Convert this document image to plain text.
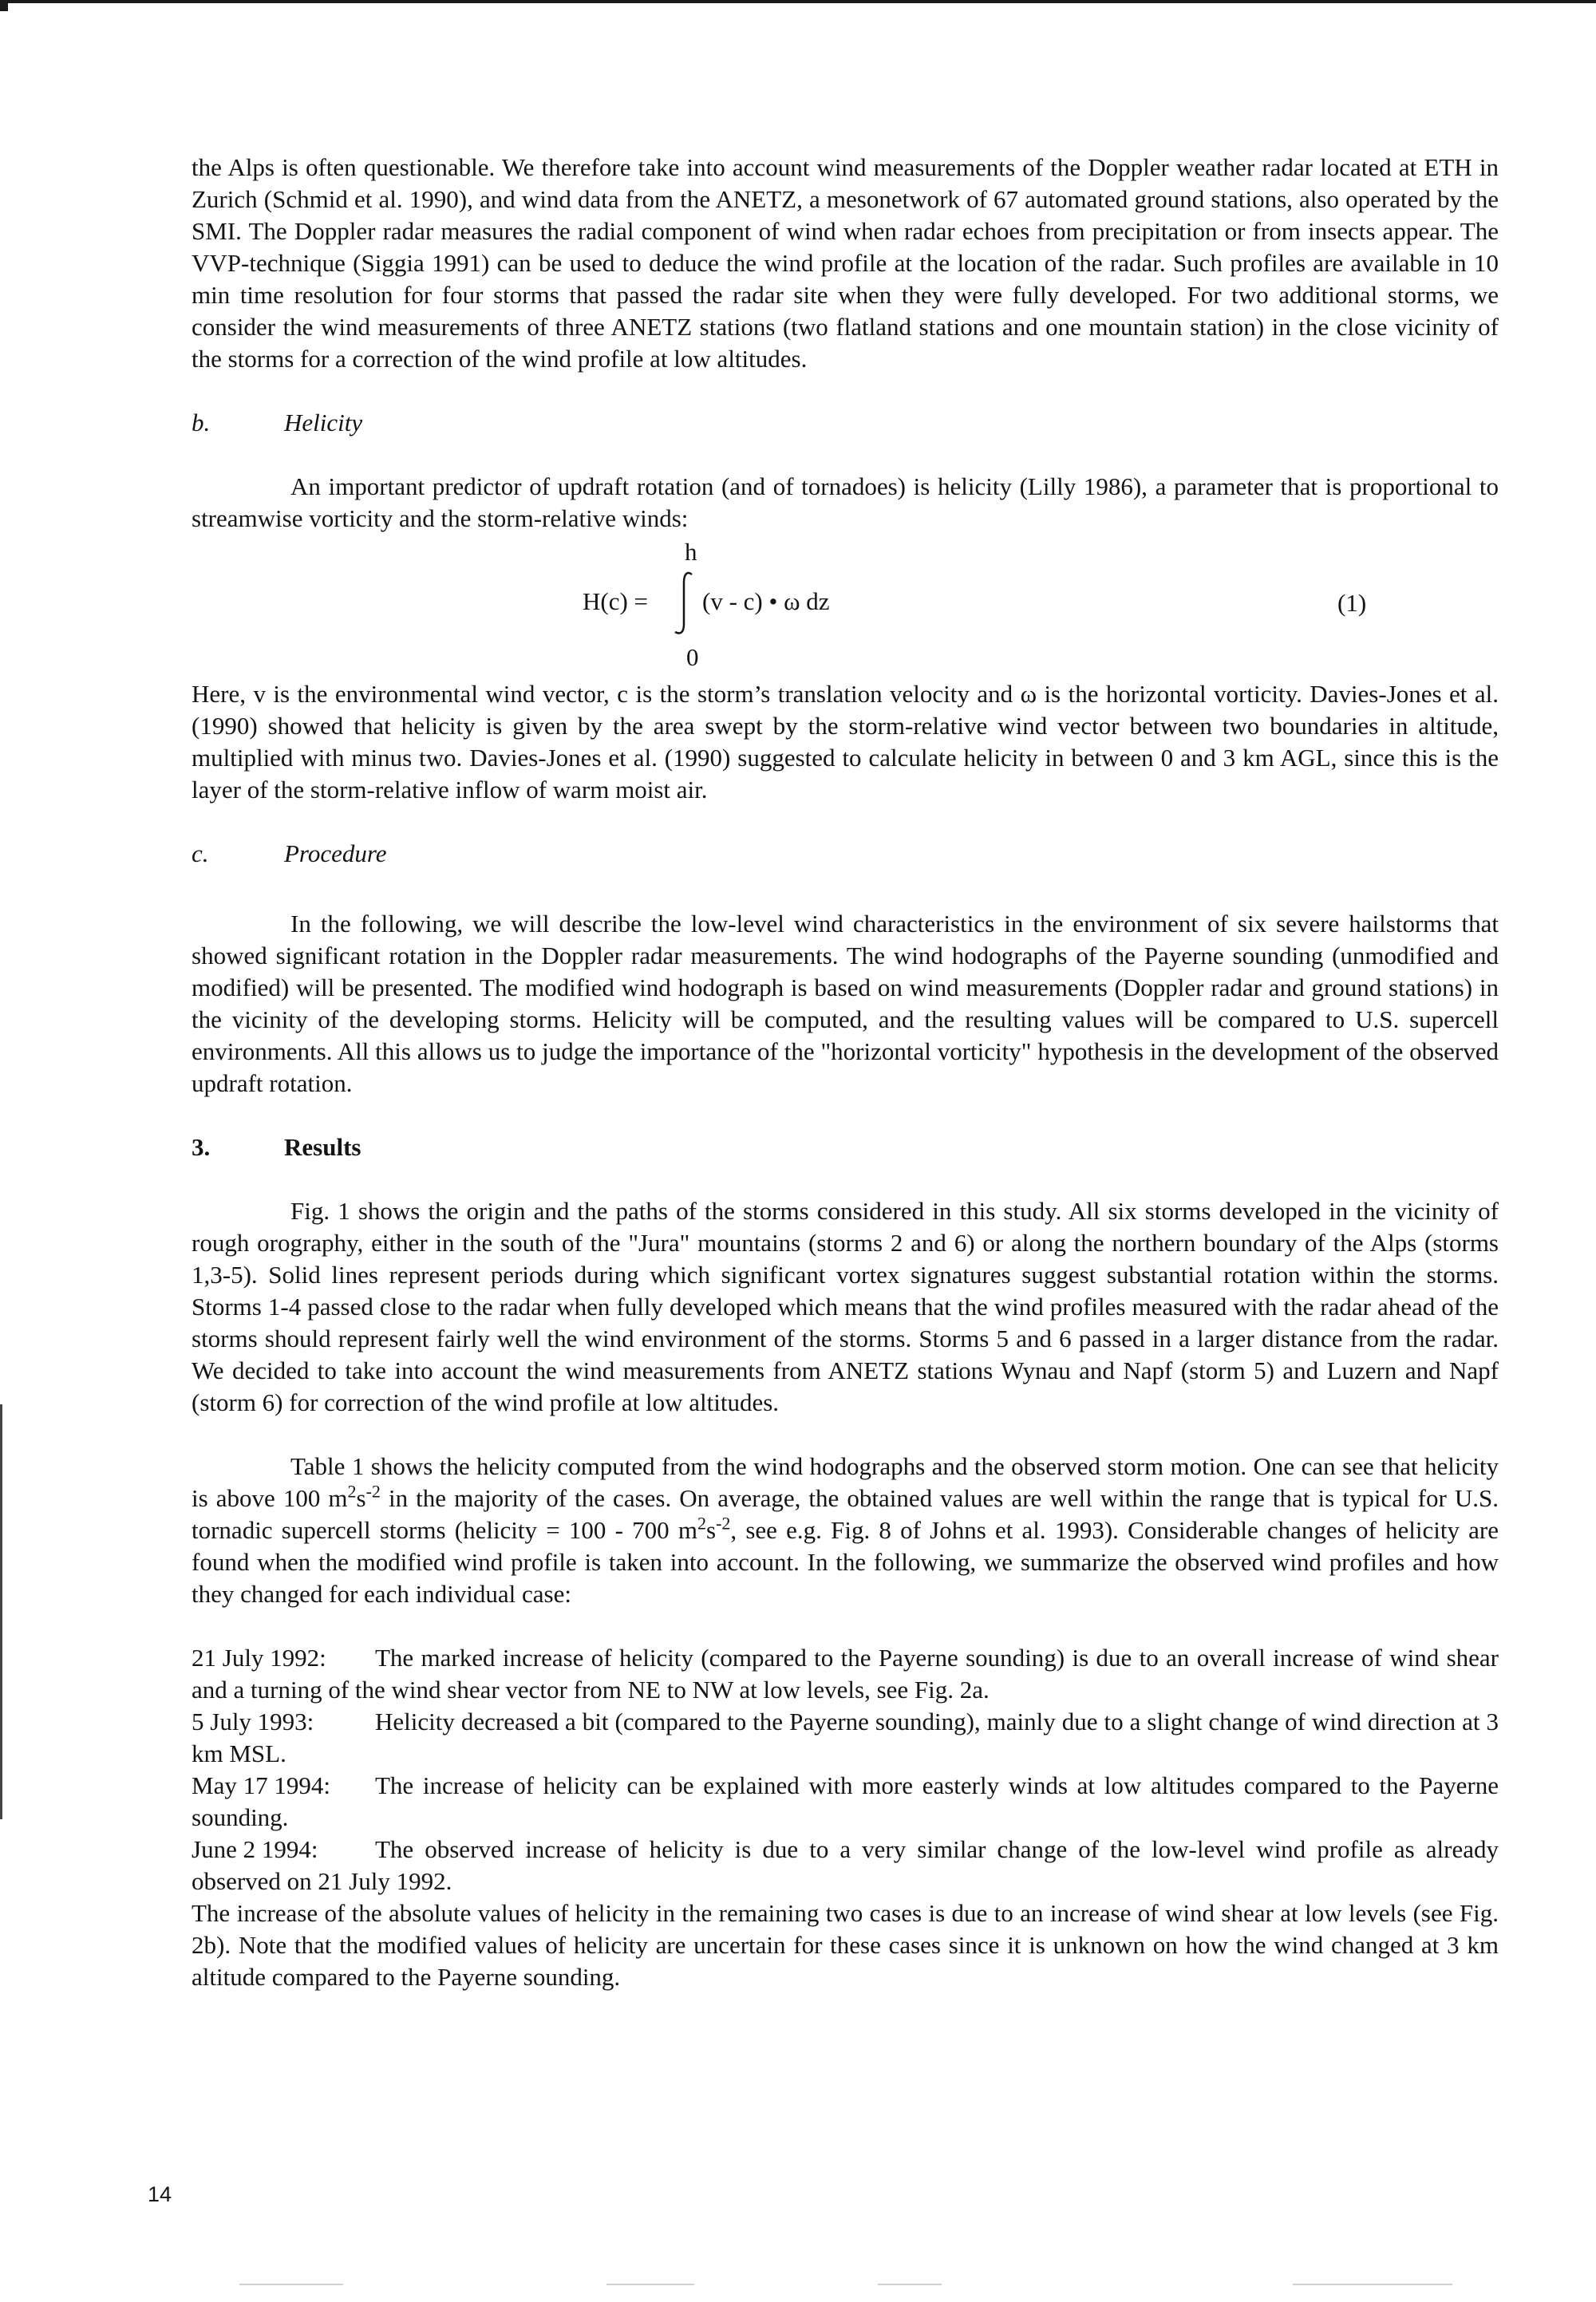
the Alps is often questionable. We therefore take into account wind measurements of the Doppler weather radar located at ETH in Zurich (Schmid et al. 1990), and wind data from the ANETZ, a mesonetwork of 67 automated ground stations, also operated by the SMI. The Doppler radar measures the radial component of wind when radar echoes from precipitation or from insects appear. The VVP-technique (Siggia 1991) can be used to deduce the wind profile at the location of the radar. Such profiles are available in 10 min time resolution for four storms that passed the radar site when they were fully developed. For two additional storms, we consider the wind measurements of three ANETZ stations (two flatland stations and one mountain station) in the close vicinity of the storms for a correction of the wind profile at low altitudes.

b.	Helicity

An important predictor of updraft rotation (and of tornadoes) is helicity (Lilly 1986), a parameter that is proportional to streamwise vorticity and the storm-relative winds:

h
H(c) = (v - c) • ω dz	(1)
0

Here, v is the environmental wind vector, c is the storm’s translation velocity and ω is the horizontal vorticity. Davies-Jones et al. (1990) showed that helicity is given by the area swept by the storm-relative wind vector between two boundaries in altitude, multiplied with minus two. Davies-Jones et al. (1990) suggested to calculate helicity in between 0 and 3 km AGL, since this is the layer of the storm-relative inflow of warm moist air.

c.	Procedure

In the following, we will describe the low-level wind characteristics in the environment of six severe hailstorms that showed significant rotation in the Doppler radar measurements. The wind hodographs of the Payerne sounding (unmodified and modified) will be presented. The modified wind hodograph is based on wind measurements (Doppler radar and ground stations) in the vicinity of the developing storms. Helicity will be computed, and the resulting values will be compared to U.S. supercell environments. All this allows us to judge the importance of the "horizontal vorticity" hypothesis in the development of the observed updraft rotation.

3.	Results

Fig. 1 shows the origin and the paths of the storms considered in this study. All six storms developed in the vicinity of rough orography, either in the south of the "Jura" mountains (storms 2 and 6) or along the northern boundary of the Alps (storms 1,3-5). Solid lines represent periods during which significant vortex signatures suggest substantial rotation within the storms. Storms 1-4 passed close to the radar when fully developed which means that the wind profiles measured with the radar ahead of the storms should represent fairly well the wind environment of the storms. Storms 5 and 6 passed in a larger distance from the radar. We decided to take into account the wind measurements from ANETZ stations Wynau and Napf (storm 5) and Luzern and Napf (storm 6) for correction of the wind profile at low altitudes.

Table 1 shows the helicity computed from the wind hodographs and the observed storm motion. One can see that helicity is above 100 $m^2s^{-2}$ in the majority of the cases. On average, the obtained values are well within the range that is typical for U.S. tornadic supercell storms (helicity = 100 - 700 $m^2s^{-2}$, see e.g. Fig. 8 of Johns et al. 1993). Considerable changes of helicity are found when the modified wind profile is taken into account. In the following, we summarize the observed wind profiles and how they changed for each individual case:

21 July 1992: The marked increase of helicity (compared to the Payerne sounding) is due to an overall increase of wind shear and a turning of the wind shear vector from NE to NW at low levels, see Fig. 2a.

5 July 1993: Helicity decreased a bit (compared to the Payerne sounding), mainly due to a slight change of wind direction at 3 km MSL.

May 17 1994: The increase of helicity can be explained with more easterly winds at low altitudes compared to the Payerne sounding.

June 2 1994: The observed increase of helicity is due to a very similar change of the low-level wind profile as already observed on 21 July 1992.

The increase of the absolute values of helicity in the remaining two cases is due to an increase of wind shear at low levels (see Fig. 2b). Note that the modified values of helicity are uncertain for these cases since it is unknown on how the wind changed at 3 km altitude compared to the Payerne sounding.

14
